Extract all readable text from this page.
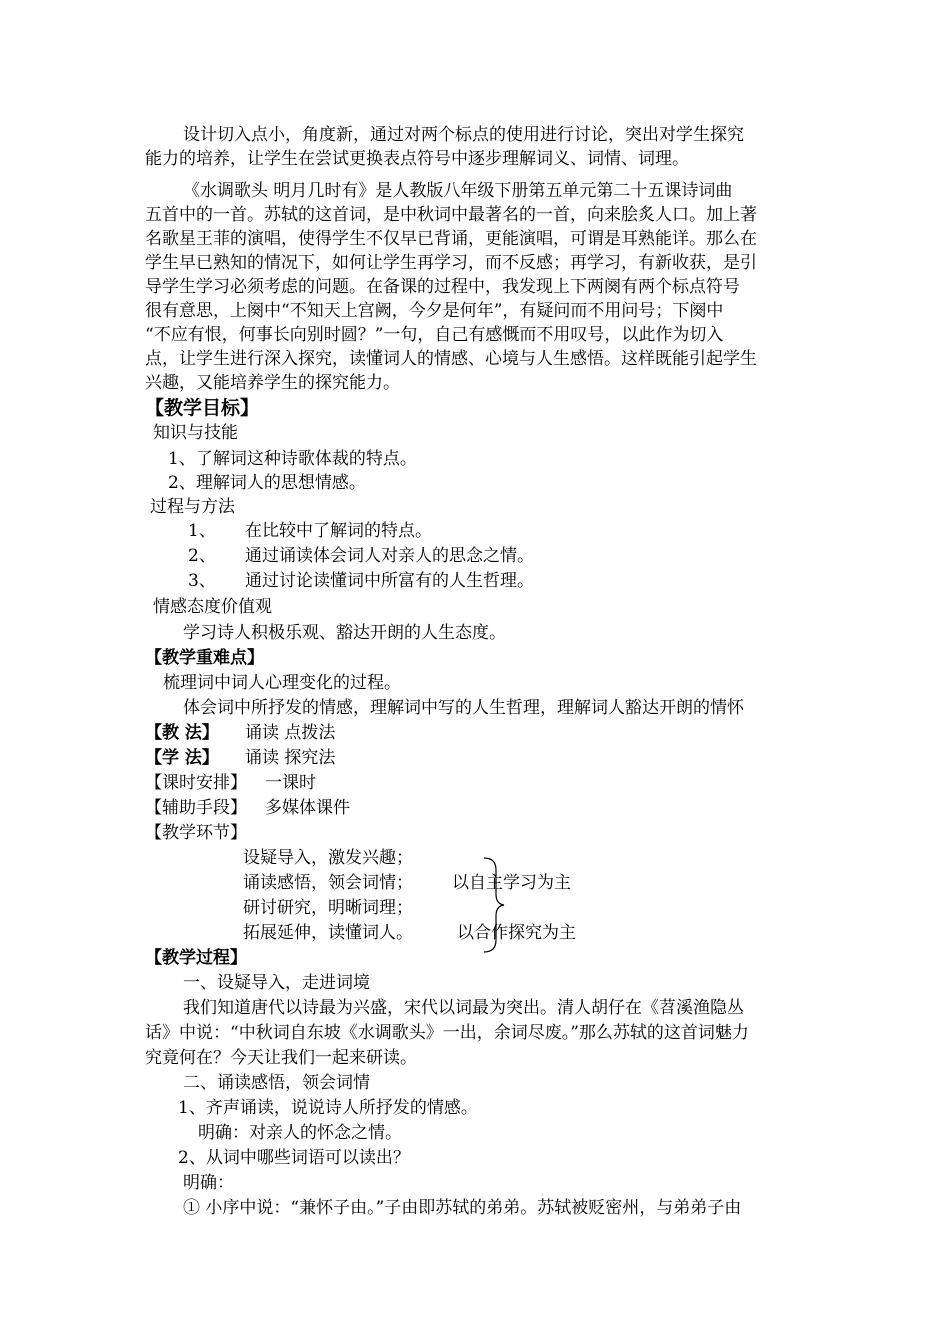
设计切入点小，角度新，通过对两个标点的使用进行讨论，突出对学生探究
能力的培养，让学生在尝试更换表点符号中逐步理解词义、词情、词理。
《水调歌头 明月几时有》是人教版八年级下册第五单元第二十五课诗词曲
五首中的一首。苏轼的这首词，是中秋词中最著名的一首，向来脍炙人口。加上著
名歌星王菲的演唱，使得学生不仅早已背诵，更能演唱，可谓是耳熟能详。那么在
学生早已熟知的情况下，如何让学生再学习，而不反感；再学习，有新收获，是引
导学生学习必须考虑的问题。在备课的过程中，我发现上下两阕有两个标点符号
很有意思，上阕中“不知天上宫阙，今夕是何年”，有疑问而不用问号；下阕中
“不应有恨，何事长向别时圆？”一句，自己有感慨而不用叹号，以此作为切入
点，让学生进行深入探究，读懂词人的情感、心境与人生感悟。这样既能引起学生
兴趣，又能培养学生的探究能力。
【教学目标】
知识与技能
1、了解词这种诗歌体裁的特点。
2、理解词人的思想情感。
过程与方法
1、 在比较中了解词的特点。
2、 通过诵读体会词人对亲人的思念之情。
3、 通过讨论读懂词中所富有的人生哲理。
情感态度价值观
学习诗人积极乐观、豁达开朗的人生态度。
【教学重难点】
梳理词中词人心理变化的过程。
体会词中所抒发的情感，理解词中写的人生哲理，理解词人豁达开朗的情怀
【教 法】 诵读 点拨法
【学 法】 诵读 探究法
【课时安排】 一课时
【辅助手段】 多媒体课件
【教学环节】
设疑导入，激发兴趣；
诵读感悟，领会词情；
研讨研究，明晰词理；
拓展延伸，读懂词人。
以自主学习为主
以合作探究为主
【教学过程】
一、设疑导入，走进词境
我们知道唐代以诗最为兴盛，宋代以词最为突出。清人胡仔在《苕溪渔隐丛
话》中说：“中秋词自东坡《水调歌头》一出，余词尽废。”那么苏轼的这首词魅力
究竟何在？今天让我们一起来研读。
二、诵读感悟，领会词情
1、齐声诵读，说说诗人所抒发的情感。
明确：对亲人的怀念之情。
2、从词中哪些词语可以读出？
明确：
① 小序中说：“兼怀子由。”子由即苏轼的弟弟。苏轼被贬密州，与弟弟子由
